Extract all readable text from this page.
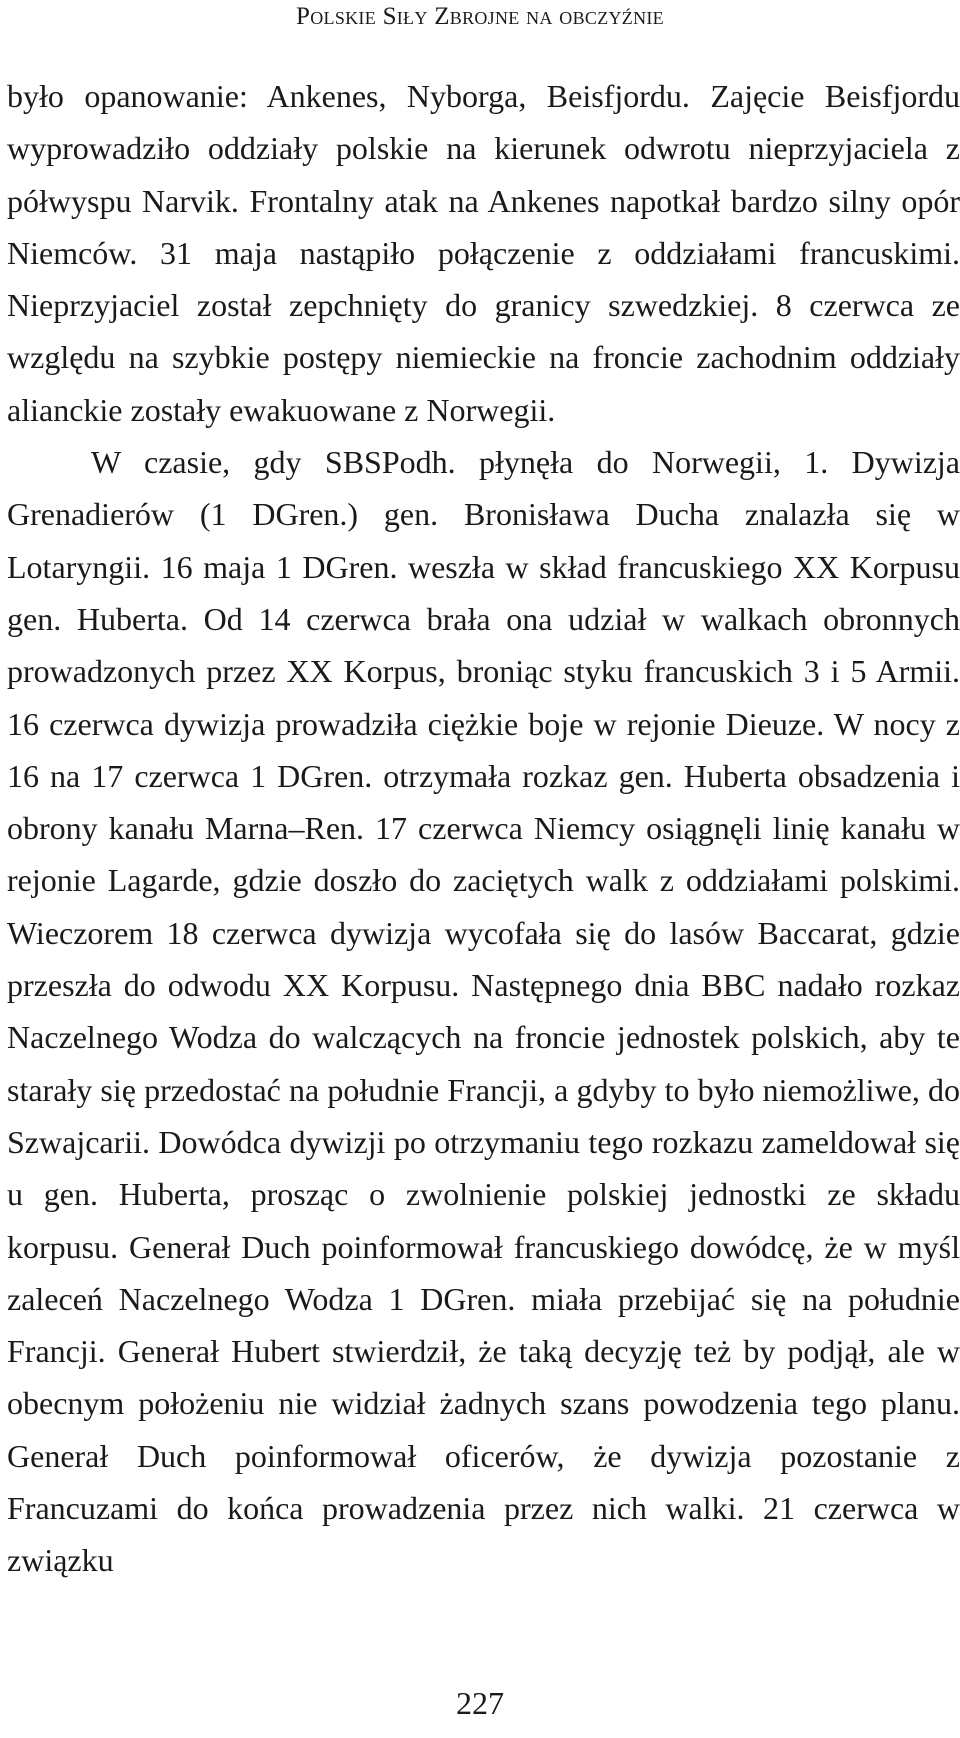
Polskie Siły Zbrojne na obczyźnie

było opanowanie: Ankenes, Nyborga, Beisfjordu. Zajęcie Beisfjordu wyprowadziło oddziały polskie na kierunek odwrotu nieprzyjaciela z półwyspu Narvik. Frontalny atak na Ankenes napotkał bardzo silny opór Niemców. 31 maja nastąpiło połączenie z oddziałami francuskimi. Nieprzyjaciel został zepchnięty do granicy szwedzkiej. 8 czerwca ze względu na szybkie postępy niemieckie na froncie zachodnim oddziały alianckie zostały ewakuowane z Norwegii.

W czasie, gdy SBSPodh. płynęła do Norwegii, 1. Dywizja Grenadierów (1 DGren.) gen. Bronisława Ducha znalazła się w Lotaryngii. 16 maja 1 DGren. weszła w skład francuskiego XX Korpusu gen. Huberta. Od 14 czerwca brała ona udział w walkach obronnych prowadzonych przez XX Korpus, broniąc styku francuskich 3 i 5 Armii. 16 czerwca dywizja prowadziła ciężkie boje w rejonie Dieuze. W nocy z 16 na 17 czerwca 1 DGren. otrzymała rozkaz gen. Huberta obsadzenia i obrony kanału Marna–Ren. 17 czerwca Niemcy osiągnęli linię kanału w rejonie Lagarde, gdzie doszło do zaciętych walk z oddziałami polskimi. Wieczorem 18 czerwca dywizja wycofała się do lasów Baccarat, gdzie przeszła do odwodu XX Korpusu. Następnego dnia BBC nadało rozkaz Naczelnego Wodza do walczących na froncie jednostek polskich, aby te starały się przedostać na południe Francji, a gdyby to było niemożliwe, do Szwajcarii. Dowódca dywizji po otrzymaniu tego rozkazu zameldował się u gen. Huberta, prosząc o zwolnienie polskiej jednostki ze składu korpusu. Generał Duch poinformował francuskiego dowódcę, że w myśl zaleceń Naczelnego Wodza 1 DGren. miała przebijać się na południe Francji. Generał Hubert stwierdził, że taką decyzję też by podjął, ale w obecnym położeniu nie widział żadnych szans powodzenia tego planu. Generał Duch poinformował oficerów, że dywizja pozostanie z Francuzami do końca prowadzenia przez nich walki. 21 czerwca w związku

227
